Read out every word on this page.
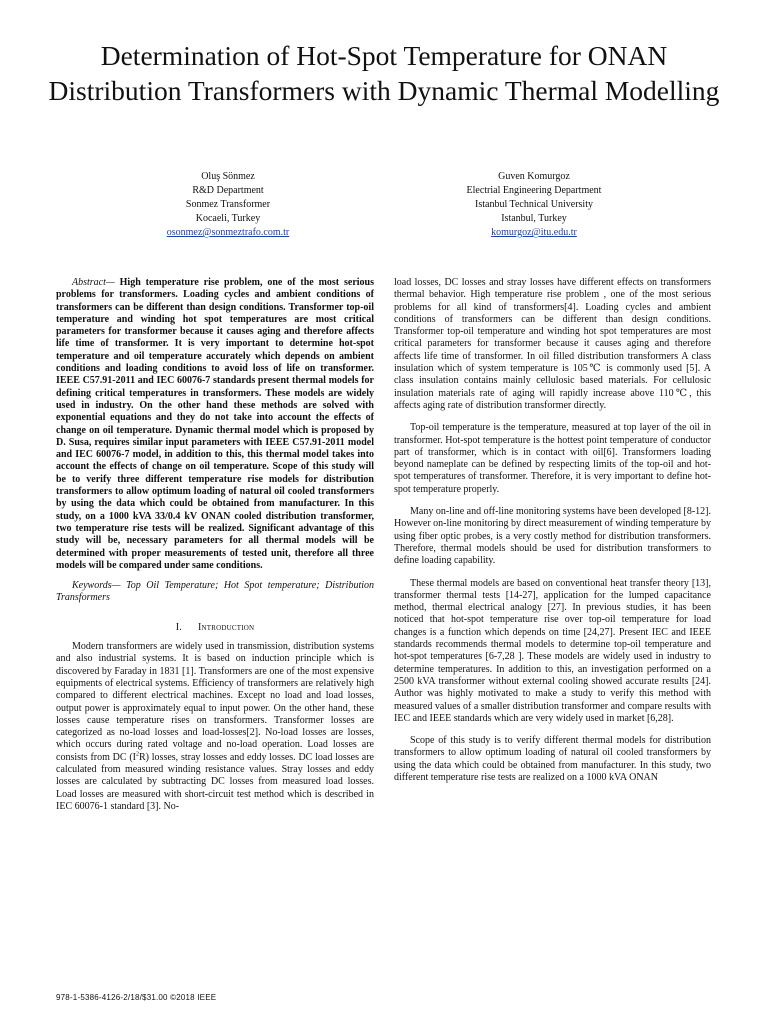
Determination of Hot-Spot Temperature for ONAN Distribution Transformers with Dynamic Thermal Modelling
Oluş Sönmez
R&D Department
Sonmez Transformer
Kocaeli, Turkey
osonmez@sonmeztrafo.com.tr
Guven Komurgoz
Electrial Engineering Department
Istanbul Technical University
Istanbul, Turkey
komurgoz@itu.edu.tr

Abstract— High temperature rise problem, one of the most serious problems for transformers. Loading cycles and ambient conditions of transformers can be different than design conditions. Transformer top-oil temperature and winding hot spot temperatures are most critical parameters for transformer because it causes aging and therefore affects life time of transformer. It is very important to determine hot-spot temperature and oil temperature accurately which depends on ambient conditions and loading conditions to avoid loss of life on transformer. IEEE C57.91-2011 and IEC 60076-7 standards present thermal models for defining critical temperatures in transformers. These models are widely used in industry. On the other hand these methods are solved with exponential equations and they do not take into account the effects of change on oil temperature. Dynamic thermal model which is proposed by D. Susa, requires similar input parameters with IEEE C57.91-2011 model and IEC 60076-7 model, in addition to this, this thermal model takes into account the effects of change on oil temperature. Scope of this study will be to verify three different temperature rise models for distribution transformers to allow optimum loading of natural oil cooled transformers by using the data which could be obtained from manufacturer. In this study, on a 1000 kVA 33/0.4 kV ONAN cooled distribution transformer, two temperature rise tests will be realized. Significant advantage of this study will be, necessary parameters for all thermal models will be determined with proper measurements of tested unit, therefore all three models will be compared under same conditions.

Keywords— Top Oil Temperature; Hot Spot temperature; Distribution Transformers

I. Introduction

Modern transformers are widely used in transmission, distribution systems and also industrial systems. It is based on induction principle which is discovered by Faraday in 1831 [1]. Transformers are one of the most expensive equipments of electrical systems. Efficiency of transformers are relatively high compared to different electrical machines. Except no load and load losses, output power is approximately equal to input power. On the other hand, these losses cause temperature rises on transformers. Transformer losses are categorized as no-load losses and load-losses[2]. No-load losses are losses, which occurs during rated voltage and no-load operation. Load losses are consists from DC $(I^2R)$ losses, stray losses and eddy losses. DC load losses are calculated from measured winding resistance values. Stray losses and eddy losses are calculated by subtracting DC losses from measured load losses. Load losses are measured with short-circuit test method which is described in IEC 60076-1 standard [3]. No-

load losses, DC losses and stray losses have different effects on transformers thermal behavior. High temperature rise problem , one of the most serious problems for all kind of transformers[4]. Loading cycles and ambient conditions of transformers can be different than design conditions. Transformer top-oil temperature and winding hot spot temperatures are most critical parameters for transformer because it causes aging and therefore affects life time of transformer. In oil filled distribution transformers A class insulation which of system temperature is 105℃ is commonly used [5]. A class insulation contains mainly cellulosic based materials. For cellulosic insulation materials rate of aging will rapidly increase above 110℃, this affects aging rate of distribution transformer directly.

Top-oil temperature is the temperature, measured at top layer of the oil in transformer. Hot-spot temperature is the hottest point temperature of conductor part of transformer, which is in contact with oil[6]. Transformers loading beyond nameplate can be defined by respecting limits of the top-oil and hot-spot temperatures of transformer. Therefore, it is very important to define hot-spot temperature properly.

Many on-line and off-line monitoring systems have been developed [8-12]. However on-line monitoring by direct measurement of winding temperature by using fiber optic probes, is a very costly method for distribution transformers. Therefore, thermal models should be used for distribution transformers to define loading capability.

These thermal models are based on conventional heat transfer theory [13], transformer thermal tests [14-27], application for the lumped capacitance method, thermal electrical analogy [27]. In previous studies, it has been noticed that hot-spot temperature rise over top-oil temperature for load changes is a function which depends on time [24,27]. Present IEC and IEEE standards recommends thermal models to determine top-oil temperature and hot-spot temperatures [6-7,28 ]. These models are widely used in industry to determine temperatures. In addition to this, an investigation performed on a 2500 kVA transformer without external cooling showed accurate results [24]. Author was highly motivated to make a study to verify this method with measured values of a smaller distribution transformer and compare results with IEC and IEEE standards which are very widely used in market [6,28].

Scope of this study is to verify different thermal models for distribution transformers to allow optimum loading of natural oil cooled transformers by using the data which could be obtained from manufacturer. In this study, two different temperature rise tests are realized on a 1000 kVA ONAN

978-1-5386-4126-2/18/$31.00 ©2018 IEEE
